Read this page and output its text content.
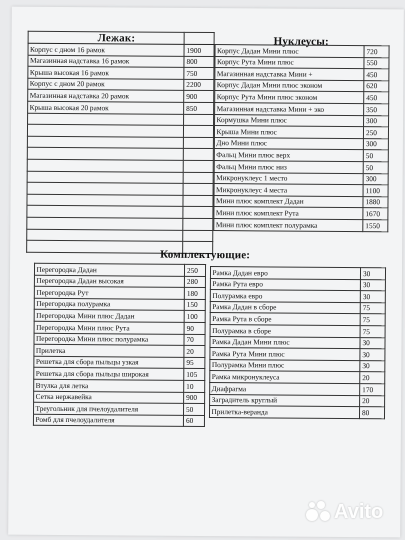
Лежак:

Корпус с дном 16 рамок	1900
Магазинная надставка 16 рамок	800
Крыша высокая 16 рамок	750
Корпус с дном 20 рамок	2200
Магазинная надставка 20 рамок	900
Крыша высокая 20 рамок	850

Нуклеусы:
Корпус Дадан Мини плюс	720
Корпус Рута Мини плюс	550
Магазинная надставка Мини +	450
Корпус Дадан Мини плюс эконом	620
Корпус Рута Мини плюс эконом	450
Магазинная надставка Мини + эко	350
Кормушка Мини плюс	300
Крыша Мини плюс	250
Дно Мини плюс	300
Фальц Мини плюс верх	50
Фальц Мини плюс низ	50
Микронуклеус 1 место	300
Микронуклеус 4 места	1100
Мини плюс комплект Дадан	1880
Мини плюс комплект Рута	1670
Мини плюс комплект полурамка	1550
Комплектующие:
Перегородка Дадан	250
Перегородка Дадан высокая	280
Перегородка Рут	180
Перегородка полурамка	150
Перегородка Мини плюс Дадан	100
Перегородка Мини плюс Рута	90
Перегородка Мини плюс полурамка	70
Прилетка	20
Решетка для сбора пыльцы узкая	95
Решетка для сбора пыльцы широкая	105
Втулка для летка	10
Сетка нержавейка	900
Треугольник для пчелоудалителя	50
Ромб для пчелоудалителя	60
Рамка Дадан евро	30
Рамка Рута евро	30
Полурамка евро	30
Рамка Дадан в сборе	75
Рамка Рута в сборе	75
Полурамка в сборе	75
Рамка Дадан Мини плюс	30
Рамка Рута Мини плюс	30
Полурамка Мини плюс	30
Рамка микронуклеуса	20
Диафрагма	170
Заградитель круглый	20
Прилетка-веранда	80
Avito
